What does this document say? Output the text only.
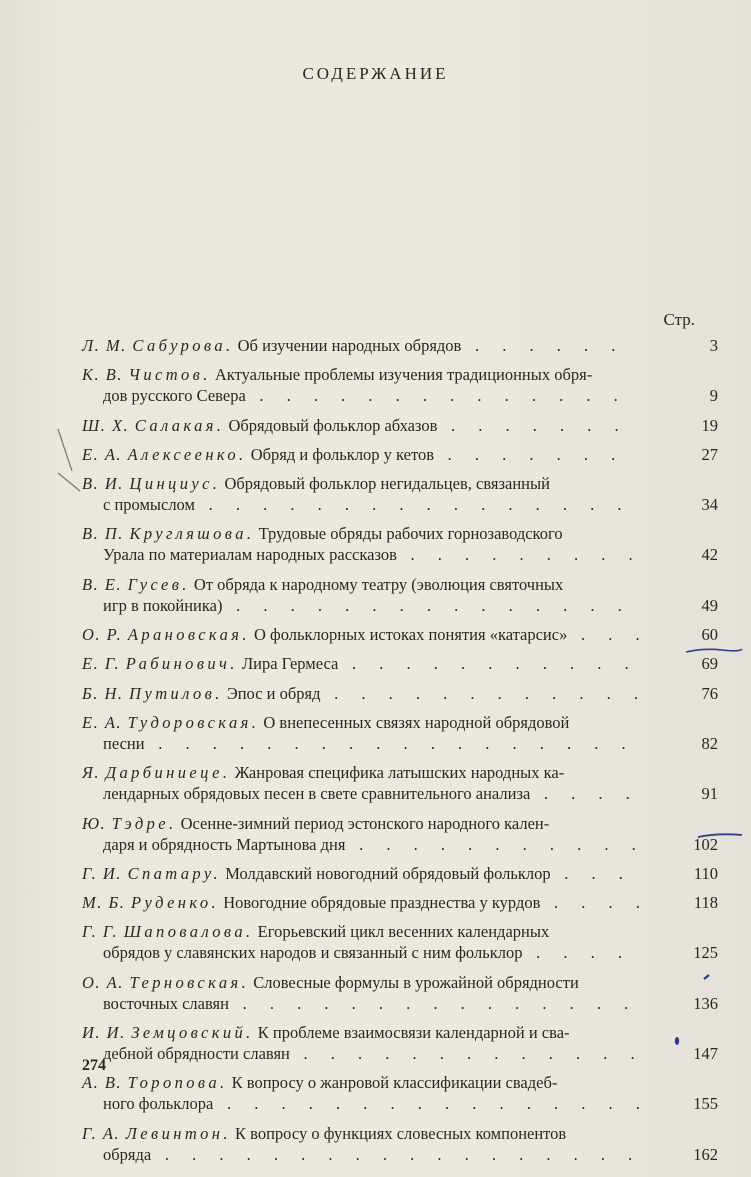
СОДЕРЖАНИЕ
Стр.
Л. М. Сабурова. Об изучении народных обрядов . . . . . .	3
К. В. Чистов. Актуальные проблемы изучения традиционных обря-
дов русского Севера . . . . . . . . . . . . . .	9
Ш. Х. Салакая. Обрядовый фольклор абхазов . . . . . . .	19
Е. А. Алексеенко. Обряд и фольклор у кетов . . . . . . .	27
В. И. Цинциус. Обрядовый фольклор негидальцев, связанный
с промыслом . . . . . . . . . . . . . . . .	34
В. П. Кругляшова. Трудовые обряды рабочих горнозаводского
Урала по материалам народных рассказов . . . . . . . . .	42
В. Е. Гусев. От обряда к народному театру (эволюция святочных
игр в покойника) . . . . . . . . . . . . . . .	49
О. Р. Арановская. О фольклорных истоках понятия «катарсис» . . .	60
Е. Г. Рабинович. Лира Гермеса . . . . . . . . . . .	69
Б. Н. Путилов. Эпос и обряд . . . . . . . . . . . .	76
Е. А. Тудоровская. О внепесенных связях народной обрядовой
песни . . . . . . . . . . . . . . . . . .	82
Я. Дарбиниеце. Жанровая специфика латышских народных ка-
лендарных обрядовых песен в свете сравнительного анализа . . . .	91
Ю. Тэдре. Осенне-зимний период эстонского народного кален-
даря и обрядность Мартынова дня . . . . . . . . . . .	102
Г. И. Спатару. Молдавский новогодний обрядовый фольклор . . .	110
М. Б. Руденко. Новогодние обрядовые празднества у курдов . . . .	118
Г. Г. Шаповалова. Егорьевский цикл весенних календарных
обрядов у славянских народов и связанный с ним фольклор . . . .	125
О. А. Терновская. Словесные формулы в урожайной обрядности
восточных славян . . . . . . . . . . . . . . .	136
И. И. Земцовский. К проблеме взаимосвязи календарной и сва-
дебной обрядности славян . . . . . . . . . . . . .	147
А. В. Торопова. К вопросу о жанровой классификации свадеб-
ного фольклора . . . . . . . . . . . . . . . .	155
Г. А. Левинтон. К вопросу о функциях словесных компонентов
обряда . . . . . . . . . . . . . . . . . .	162
274
